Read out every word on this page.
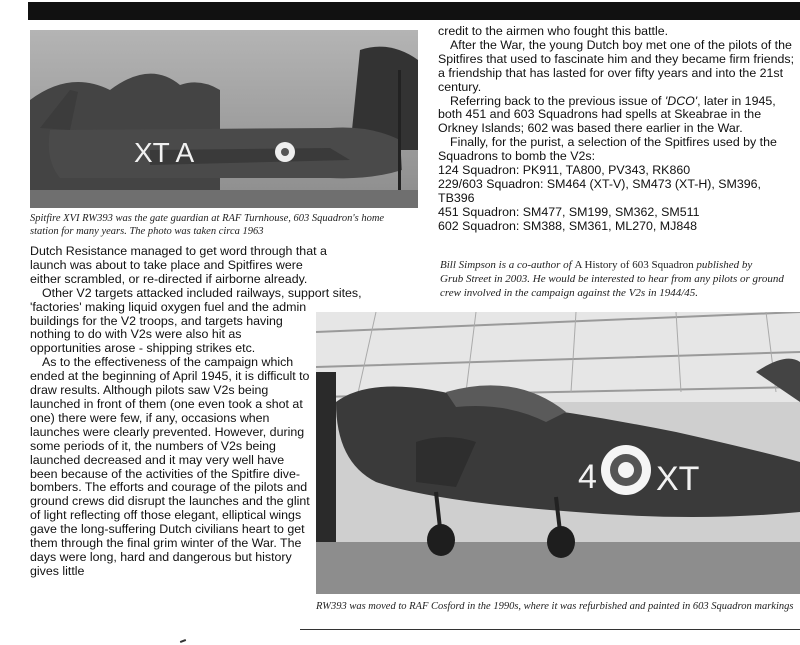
XT A
Spitfire XVI RW393 was the gate guardian at RAF Turnhouse, 603 Squadron's home station for many years. The photo was taken circa 1963

Dutch Resistance managed to get word through that a launch was about to take place and Spitfires were either scrambled, or re-directed if airborne already.

Other V2 targets attacked included railways, support sites,

'factories' making liquid oxygen fuel and the admin buildings for the V2 troops, and targets having nothing to do with V2s were also hit as opportunities arose - shipping strikes etc.

As to the effectiveness of the campaign which ended at the beginning of April 1945, it is difficult to draw results. Although pilots saw V2s being launched in front of them (one even took a shot at one) there were few, if any, occasions when launches were clearly prevented. However, during some periods of it, the numbers of V2s being launched decreased and it may very well have been because of the activities of the Spitfire dive-bombers. The efforts and courage of the pilots and ground crews did disrupt the launches and the glint of light reflecting off those elegant, elliptical wings gave the long-suffering Dutch civilians heart to get them through the final grim winter of the War. The days were long, hard and dangerous but history gives little

credit to the airmen who fought this battle.

After the War, the young Dutch boy met one of the pilots of the Spitfires that used to fascinate him and they became firm friends; a friendship that has lasted for over fifty years and into the 21st century.

Referring back to the previous issue of 'DCO', later in 1945, both 451 and 603 Squadrons had spells at Skeabrae in the Orkney Islands; 602 was based there earlier in the War.

Finally, for the purist, a selection of the Spitfires used by the Squadrons to bomb the V2s:

124 Squadron: PK911, TA800, PV343, RK860
229/603 Squadron: SM464 (XT-V), SM473 (XT-H), SM396,
TB396
451 Squadron: SM477, SM199, SM362, SM511
602 Squadron: SM388, SM361, ML270, MJ848
Bill Simpson is a co-author of A History of 603 Squadron published by
Grub Street in 2003. He would be interested to hear from any pilots or ground
crew involved in the campaign against the V2s in 1944/45.
XT
4
RW393 was moved to RAF Cosford in the 1990s, where it was refurbished and painted in 603 Squadron markings
